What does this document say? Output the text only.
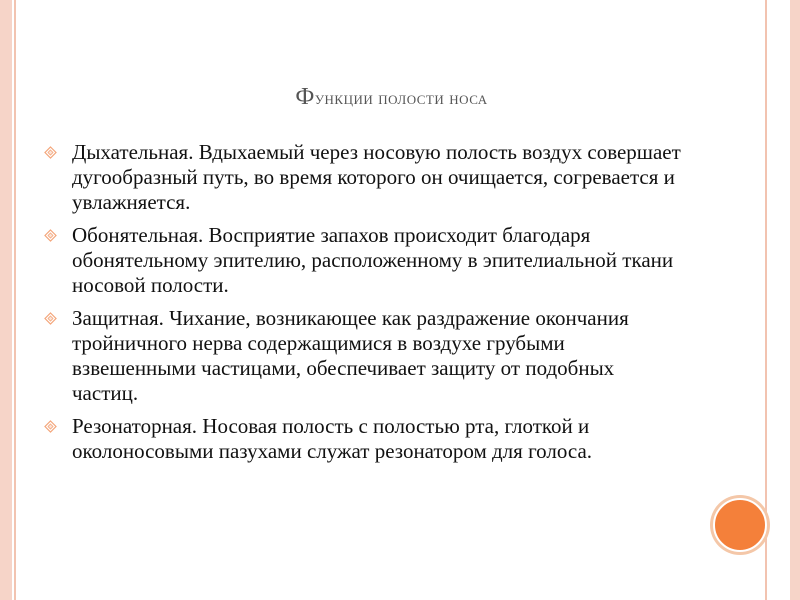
Функции полости носа
Дыхательная. Вдыхаемый через носовую полость воздух совершает дугообразный путь, во время которого он очищается, согревается и увлажняется.
Обонятельная. Восприятие запахов происходит благодаря обонятельному эпителию, расположенному в эпителиальной ткани носовой полости.
Защитная. Чихание, возникающее как раздражение окончания тройничного нерва содержащимися в воздухе грубыми взвешенными частицами, обеспечивает защиту от подобных частиц.
Резонаторная. Носовая полость с полостью рта, глоткой и околоносовыми пазухами служат резонатором для голоса.
